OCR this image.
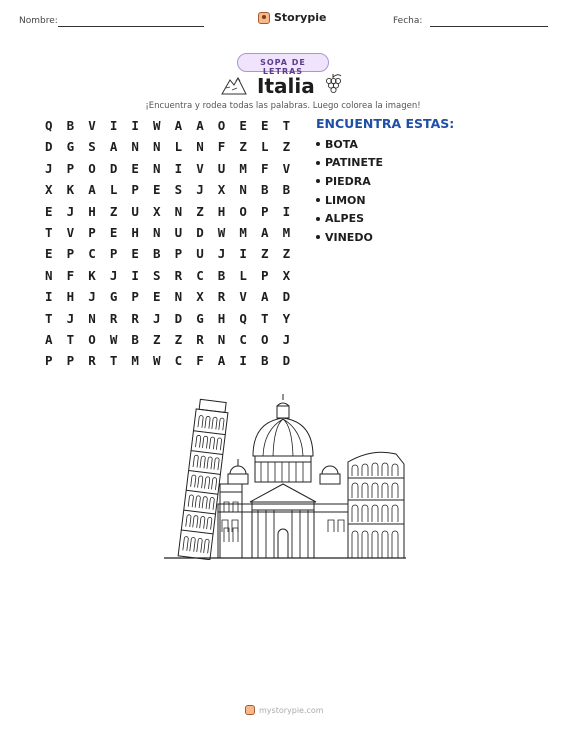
Nombre:	Storypie	Fecha:
SOPA DE LETRAS
Italia
¡Encuentra y rodea todas las palabras. Luego colorea la imagen!
Q	B	V	I	I	W	A	A	O	E	E	T
D	G	S	A	N	N	L	N	F	Z	L	Z
J	P	O	D	E	N	I	V	U	M	F	V
X	K	A	L	P	E	S	J	X	N	B	B
E	J	H	Z	U	X	N	Z	H	O	P	I
T	V	P	E	H	N	U	D	W	M	A	M
E	P	C	P	E	B	P	U	J	I	Z	Z
N	F	K	J	I	S	R	C	B	L	P	X
I	H	J	G	P	E	N	X	R	V	A	D
T	J	N	R	R	J	D	G	H	Q	T	Y
A	T	O	W	B	Z	Z	R	N	C	O	J
P	P	R	T	M	W	C	F	A	I	B	D
ENCUENTRA ESTAS:
BOTA
PATINETE
PIEDRA
LIMON
ALPES
VINEDO
mystorypie.com
